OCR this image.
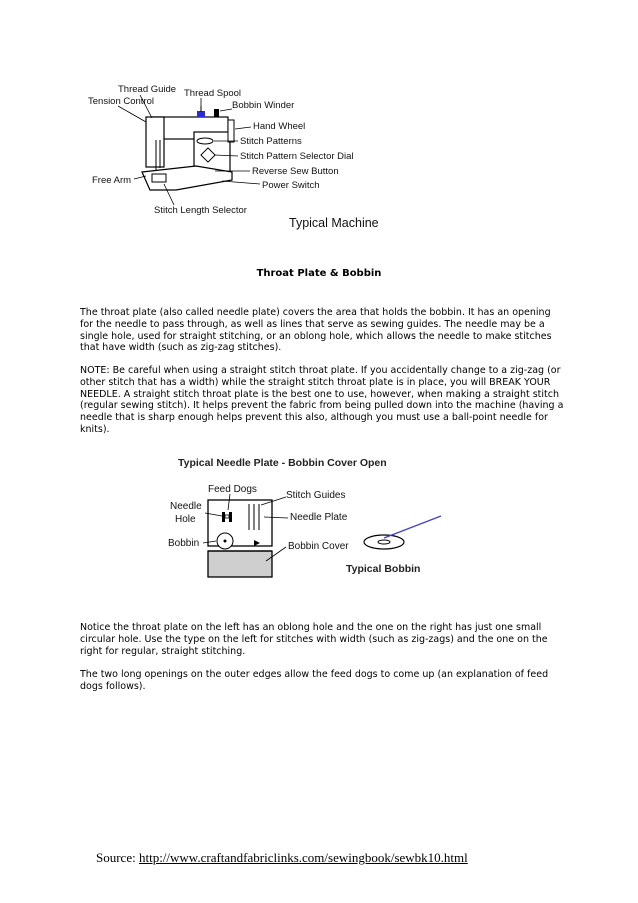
Thread Guide
Tension Control
Thread Spool
Bobbin Winder
Hand Wheel
Stitch Patterns
Stitch Pattern Selector Dial
Reverse Sew Button
Power Switch
Free Arm
Stitch Length Selector
Typical Machine
Throat Plate & Bobbin

The throat plate (also called needle plate) covers the area that holds the bobbin. It has an opening for the needle to pass through, as well as lines that serve as sewing guides. The needle may be a single hole, used for straight stitching, or an oblong hole, which allows the needle to make stitches that have width (such as zig-zag stitches).

NOTE: Be careful when using a straight stitch throat plate. If you accidentally change to a zig-zag (or other stitch that has a width) while the straight stitch throat plate is in place, you will BREAK YOUR NEEDLE. A straight stitch throat plate is the best one to use, however, when making a straight stitch (regular sewing stitch). It helps prevent the fabric from being pulled down into the machine (having a needle that is sharp enough helps prevent this also, although you must use a ball-point needle for knits).

Typical Needle Plate - Bobbin Cover Open
Feed Dogs
Stitch Guides
Needle
Hole	Needle Plate
Bobbin	Bobbin Cover
Typical Bobbin

Notice the throat plate on the left has an oblong hole and the one on the right has just one small circular hole. Use the type on the left for stitches with width (such as zig-zags) and the one on the right for regular, straight stitching.

The two long openings on the outer edges allow the feed dogs to come up (an explanation of feed dogs follows).

Source: http://www.craftandfabriclinks.com/sewingbook/sewbk10.html
